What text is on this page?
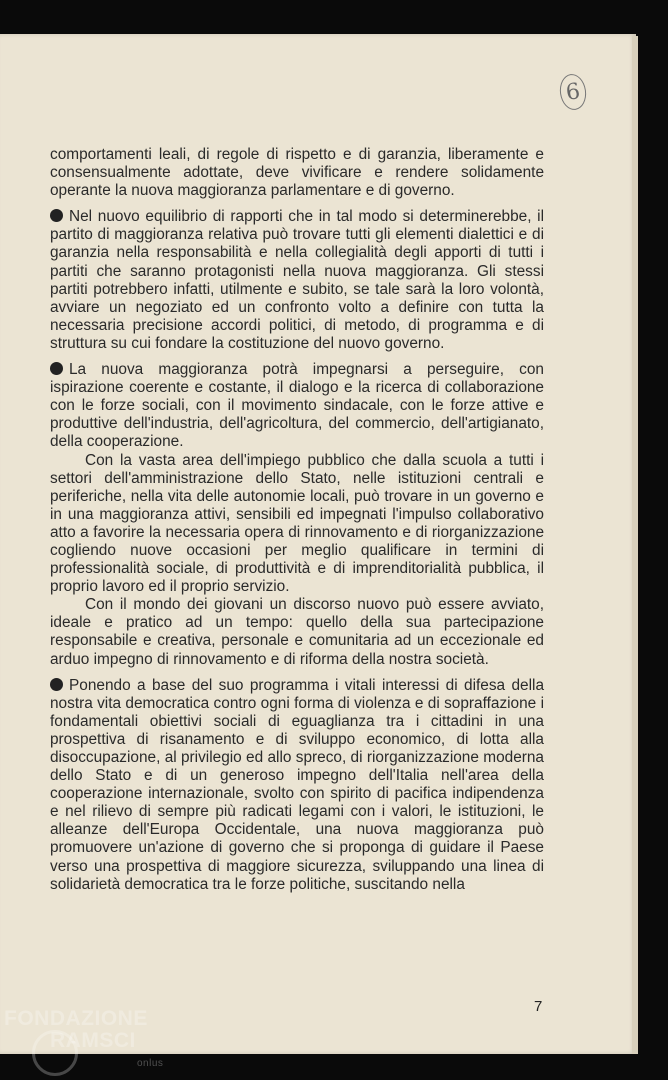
6

comportamenti leali, di regole di rispetto e di garanzia, liberamente e consensualmente adottate, deve vivificare e rendere solidamente operante la nuova maggioranza parlamentare e di governo.

Nel nuovo equilibrio di rapporti che in tal modo si determinerebbe, il partito di maggioranza relativa può trovare tutti gli elementi dialettici e di garanzia nella responsabilità e nella collegialità degli apporti di tutti i partiti che saranno protagonisti nella nuova maggioranza. Gli stessi partiti potrebbero infatti, utilmente e subito, se tale sarà la loro volontà, avviare un negoziato ed un confronto volto a definire con tutta la necessaria precisione accordi politici, di metodo, di programma e di struttura su cui fondare la costituzione del nuovo governo.

La nuova maggioranza potrà impegnarsi a perseguire, con ispirazione coerente e costante, il dialogo e la ricerca di collaborazione con le forze sociali, con il movimento sindacale, con le forze attive e produttive dell'industria, dell'agricoltura, del commercio, dell'artigianato, della cooperazione.

Con la vasta area dell'impiego pubblico che dalla scuola a tutti i settori dell'amministrazione dello Stato, nelle istituzioni centrali e periferiche, nella vita delle autonomie locali, può trovare in un governo e in una maggioranza attivi, sensibili ed impegnati l'impulso collaborativo atto a favorire la necessaria opera di rinnovamento e di riorganizzazione cogliendo nuove occasioni per meglio qualificare in termini di professionalità sociale, di produttività e di imprenditorialità pubblica, il proprio lavoro ed il proprio servizio.

Con il mondo dei giovani un discorso nuovo può essere avviato, ideale e pratico ad un tempo: quello della sua partecipazione responsabile e creativa, personale e comunitaria ad un eccezionale ed arduo impegno di rinnovamento e di riforma della nostra società.

Ponendo a base del suo programma i vitali interessi di difesa della nostra vita democratica contro ogni forma di violenza e di sopraffazione i fondamentali obiettivi sociali di eguaglianza tra i cittadini in una prospettiva di risanamento e di sviluppo economico, di lotta alla disoccupazione, al privilegio ed allo spreco, di riorganizzazione moderna dello Stato e di un generoso impegno dell'Italia nell'area della cooperazione internazionale, svolto con spirito di pacifica indipendenza e nel rilievo di sempre più radicati legami con i valori, le istituzioni, le alleanze dell'Europa Occidentale, una nuova maggioranza può promuovere un'azione di governo che si proponga di guidare il Paese verso una prospettiva di maggiore sicurezza, sviluppando una linea di solidarietà democratica tra le forze politiche, suscitando nella

7
FONDAZIONE
RAMSCI
onlus
